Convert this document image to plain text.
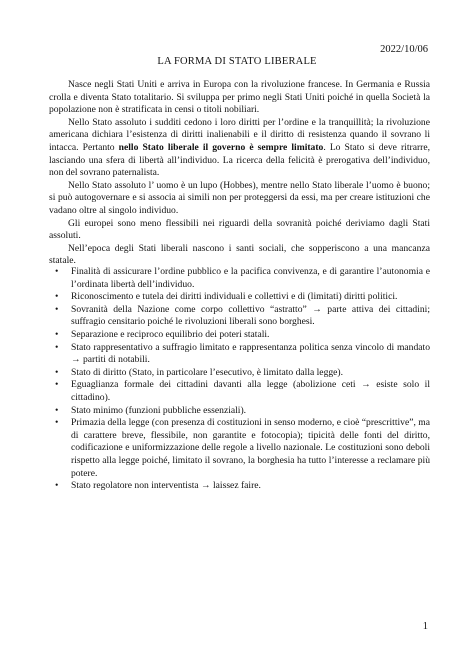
2022/10/06
LA FORMA DI STATO LIBERALE

Nasce negli Stati Uniti e arriva in Europa con la rivoluzione francese. In Germania e Russia crolla e diventa Stato totalitario. Si sviluppa per primo negli Stati Uniti poiché in quella Società la popolazione non è stratificata in censi o titoli nobiliari.

Nello Stato assoluto i sudditi cedono i loro diritti per l’ordine e la tranquillità; la rivoluzione americana dichiara l’esistenza di diritti inalienabili e il diritto di resistenza quando il sovrano li intacca. Pertanto nello Stato liberale il governo è sempre limitato. Lo Stato si deve ritrarre, lasciando una sfera di libertà all’individuo. La ricerca della felicità è prerogativa dell’individuo, non del sovrano paternalista.

Nello Stato assoluto l’ uomo è un lupo (Hobbes), mentre nello Stato liberale l’uomo è buono; si può autogovernare e si associa ai simili non per proteggersi da essi, ma per creare istituzioni che vadano oltre al singolo individuo.

Gli europei sono meno flessibili nei riguardi della sovranità poiché deriviamo dagli Stati assoluti.

Nell’epoca degli Stati liberali nascono i santi sociali, che sopperiscono a una mancanza statale.

• Finalità di assicurare l’ordine pubblico e la pacifica convivenza, e di garantire l’autonomia e l’ordinata libertà dell’individuo.
• Riconoscimento e tutela dei diritti individuali e collettivi e di (limitati) diritti politici.
• Sovranità della Nazione come corpo collettivo “astratto” → parte attiva dei cittadini; suffragio censitario poiché le rivoluzioni liberali sono borghesi.
• Separazione e reciproco equilibrio dei poteri statali.
• Stato rappresentativo a suffragio limitato e rappresentanza politica senza vincolo di mandato → partiti di notabili.
• Stato di diritto (Stato, in particolare l’esecutivo, è limitato dalla legge).
• Eguaglianza formale dei cittadini davanti alla legge (abolizione ceti → esiste solo il cittadino).
• Stato minimo (funzioni pubbliche essenziali).
• Primazia della legge (con presenza di costituzioni in senso moderno, e cioè “prescrittive”, ma di carattere breve, flessibile, non garantite e fotocopia); tipicità delle fonti del diritto, codificazione e uniformizzazione delle regole a livello nazionale. Le costituzioni sono deboli rispetto alla legge poiché, limitato il sovrano, la borghesia ha tutto l’interesse a reclamare più potere.
• Stato regolatore non interventista → laissez faire.
1
